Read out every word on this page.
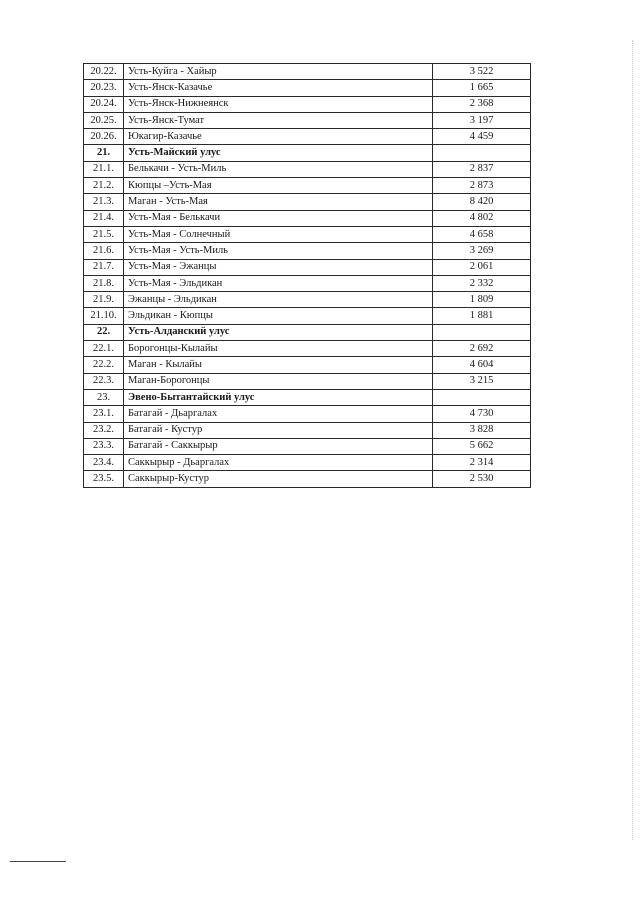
20.22.	Усть-Куйга - Хайыр	3 522
20.23.	Усть-Янск-Казачье	1 665
20.24.	Усть-Янск-Нижнеянск	2 368
20.25.	Усть-Янск-Тумат	3 197
20.26.	Юкагир-Казачье	4 459
21.	Усть-Майский улус	
21.1.	Белькачи - Усть-Миль	2 837
21.2.	Кюпцы –Усть-Мая	2 873
21.3.	Маган - Усть-Мая	8 420
21.4.	Усть-Мая - Белькачи	4 802
21.5.	Усть-Мая - Солнечный	4 658
21.6.	Усть-Мая - Усть-Миль	3 269
21.7.	Усть-Мая - Эжанцы	2 061
21.8.	Усть-Мая - Эльдикан	2 332
21.9.	Эжанцы - Эльдикан	1 809
21.10.	Эльдикан - Кюпцы	1 881
22.	Усть-Алданский улус	
22.1.	Борогонцы-Кылайы	2 692
22.2.	Маган - Кылайы	4 604
22.3.	Маган-Борогонцы	3 215
23.	Эвено-Бытантайский улус	
23.1.	Батагай - Дьаргалах	4 730
23.2.	Батагай - Кустур	3 828
23.3.	Батагай - Саккырыр	5 662
23.4.	Саккырыр - Дьаргалах	2 314
23.5.	Саккырыр-Кустур	2 530
